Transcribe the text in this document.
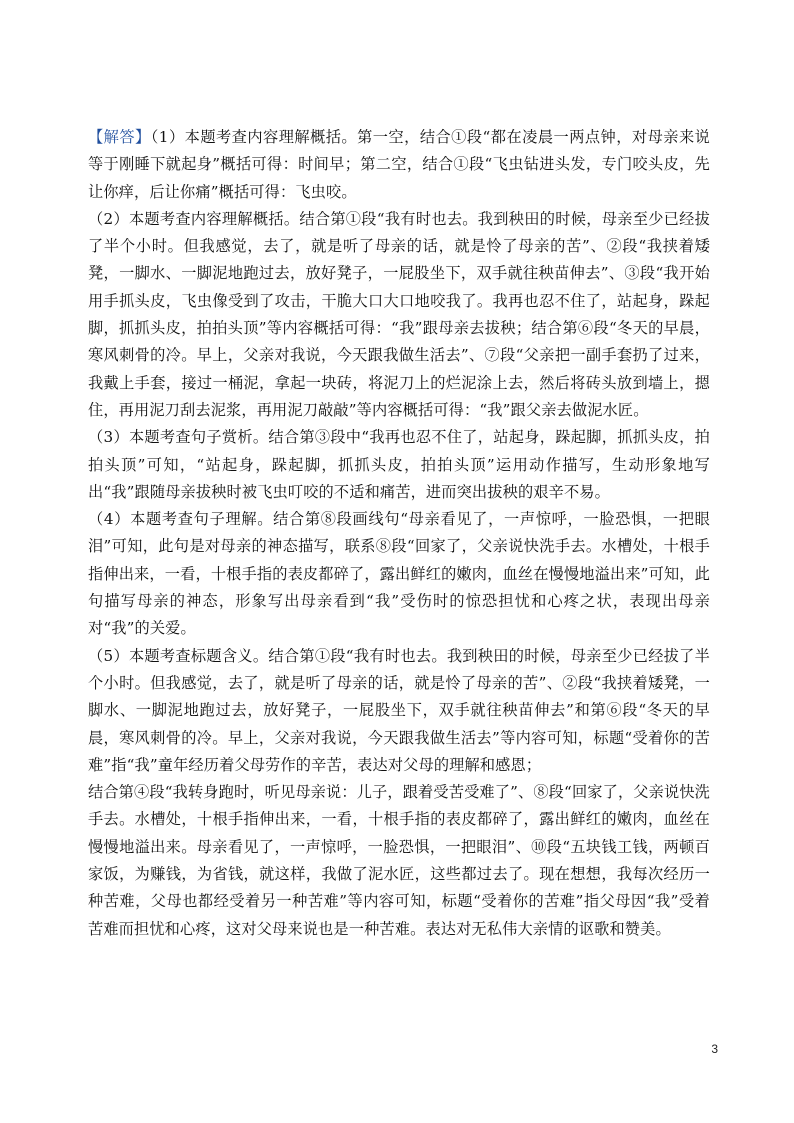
【解答】（1）本题考查内容理解概括。第一空，结合①段“都在凌晨一两点钟，对母亲来说等于刚睡下就起身”概括可得：时间早；第二空，结合①段“飞虫钻进头发，专门咬头皮，先让你痒，后让你痛”概括可得：飞虫咬。

（2）本题考查内容理解概括。结合第①段“我有时也去。我到秧田的时候，母亲至少已经拔了半个小时。但我感觉，去了，就是听了母亲的话，就是怜了母亲的苦”、②段“我挟着矮凳，一脚水、一脚泥地跑过去，放好凳子，一屁股坐下，双手就往秧苗伸去”、③段“我开始用手抓头皮，飞虫像受到了攻击，干脆大口大口地咬我了。我再也忍不住了，站起身，跺起脚，抓抓头皮，拍拍头顶”等内容概括可得：“我”跟母亲去拔秧；结合第⑥段“冬天的早晨，寒风刺骨的冷。早上，父亲对我说，今天跟我做生活去”、⑦段“父亲把一副手套扔了过来，我戴上手套，接过一桶泥，拿起一块砖，将泥刀上的烂泥涂上去，然后将砖头放到墙上，摁住，再用泥刀刮去泥浆，再用泥刀敲敲”等内容概括可得：“我”跟父亲去做泥水匠。

（3）本题考查句子赏析。结合第③段中“我再也忍不住了，站起身，跺起脚，抓抓头皮，拍拍头顶”可知，“站起身，跺起脚，抓抓头皮，拍拍头顶”运用动作描写，生动形象地写出“我”跟随母亲拔秧时被飞虫叮咬的不适和痛苦，进而突出拔秧的艰辛不易。

（4）本题考查句子理解。结合第⑧段画线句“母亲看见了，一声惊呼，一脸恐惧，一把眼泪”可知，此句是对母亲的神态描写，联系⑧段“回家了，父亲说快洗手去。水槽处，十根手指伸出来，一看，十根手指的表皮都碎了，露出鲜红的嫩肉，血丝在慢慢地溢出来”可知，此句描写母亲的神态，形象写出母亲看到“我”受伤时的惊恐担忧和心疼之状，表现出母亲对“我”的关爱。

（5）本题考查标题含义。结合第①段“我有时也去。我到秧田的时候，母亲至少已经拔了半个小时。但我感觉，去了，就是听了母亲的话，就是怜了母亲的苦”、②段“我挟着矮凳，一脚水、一脚泥地跑过去，放好凳子，一屁股坐下，双手就往秧苗伸去”和第⑥段“冬天的早晨，寒风刺骨的冷。早上，父亲对我说，今天跟我做生活去”等内容可知，标题“受着你的苦难”指“我”童年经历着父母劳作的辛苦，表达对父母的理解和感恩；

结合第④段“我转身跑时，听见母亲说：儿子，跟着受苦受难了”、⑧段“回家了，父亲说快洗手去。水槽处，十根手指伸出来，一看，十根手指的表皮都碎了，露出鲜红的嫩肉，血丝在慢慢地溢出来。母亲看见了，一声惊呼，一脸恐惧，一把眼泪”、⑩段“五块钱工钱，两顿百家饭，为赚钱，为省钱，就这样，我做了泥水匠，这些都过去了。现在想想，我每次经历一种苦难，父母也都经受着另一种苦难”等内容可知，标题“受着你的苦难”指父母因“我”受着苦难而担忧和心疼，这对父母来说也是一种苦难。表达对无私伟大亲情的讴歌和赞美。

3
